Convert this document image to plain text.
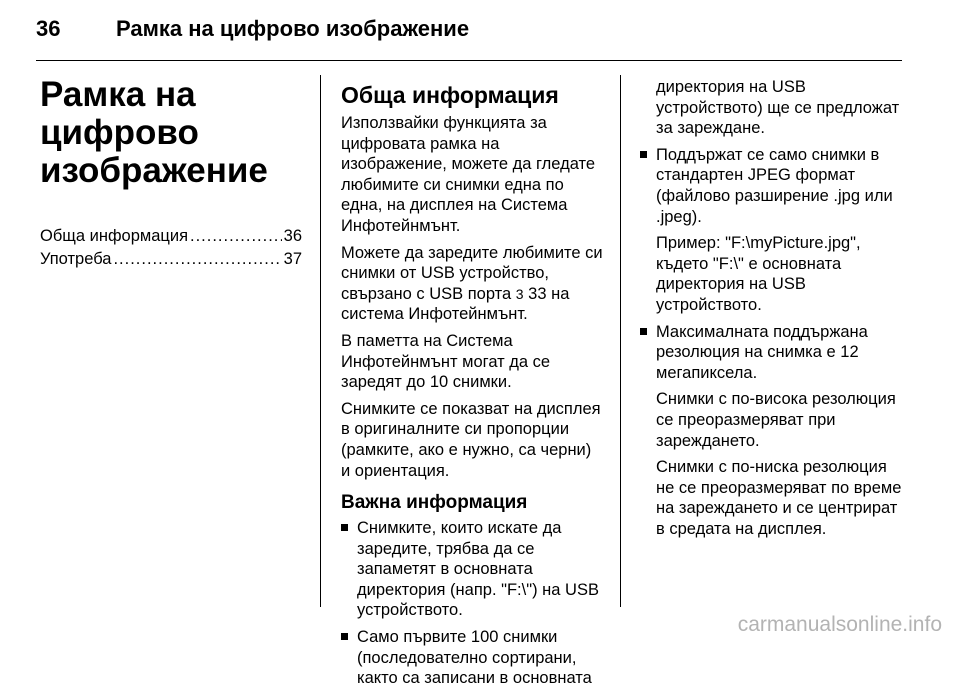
36	Рамка на цифрово изображение
Рамка на цифрово
изображение
Обща информация .....	36
Употреба .....	37
Обща информация

Използвайки функцията за цифровата рамка на изображение, можете да гледате любимите си снимки една по една, на дисплея на Система Инфотейнмънт.

Можете да заредите любимите си снимки от USB устройство, свързано с USB порта 3 33 на система Инфотейнмънт.

В паметта на Система Инфотейнмънт могат да се заредят до 10 снимки.

Снимките се показват на дисплея в оригиналните си пропорции (рамките, ако е нужно, са черни) и ориентация.

Важна информация

Снимките, които искате да заредите, трябва да се запаметят в основната директория (напр. "F:\") на USB устройството.

Само първите 100 снимки (последователно сортирани, както са записани в основната

директория на USB устройството) ще се предложат за зареждане.

Поддържат се само снимки в стандартен JPEG формат (файлово разширение .jpg или .jpeg).

Пример: "F:\myPicture.jpg", където "F:\" е основната директория на USB устройството.

Максималната поддържана резолюция на снимка е 12 мегапиксела.

Снимки с по-висока резолюция се преоразмеряват при зареждането.

Снимки с по-ниска резолюция не се преоразмеряват по време на зареждането и се центрират в средата на дисплея.

carmanualsonline.info
